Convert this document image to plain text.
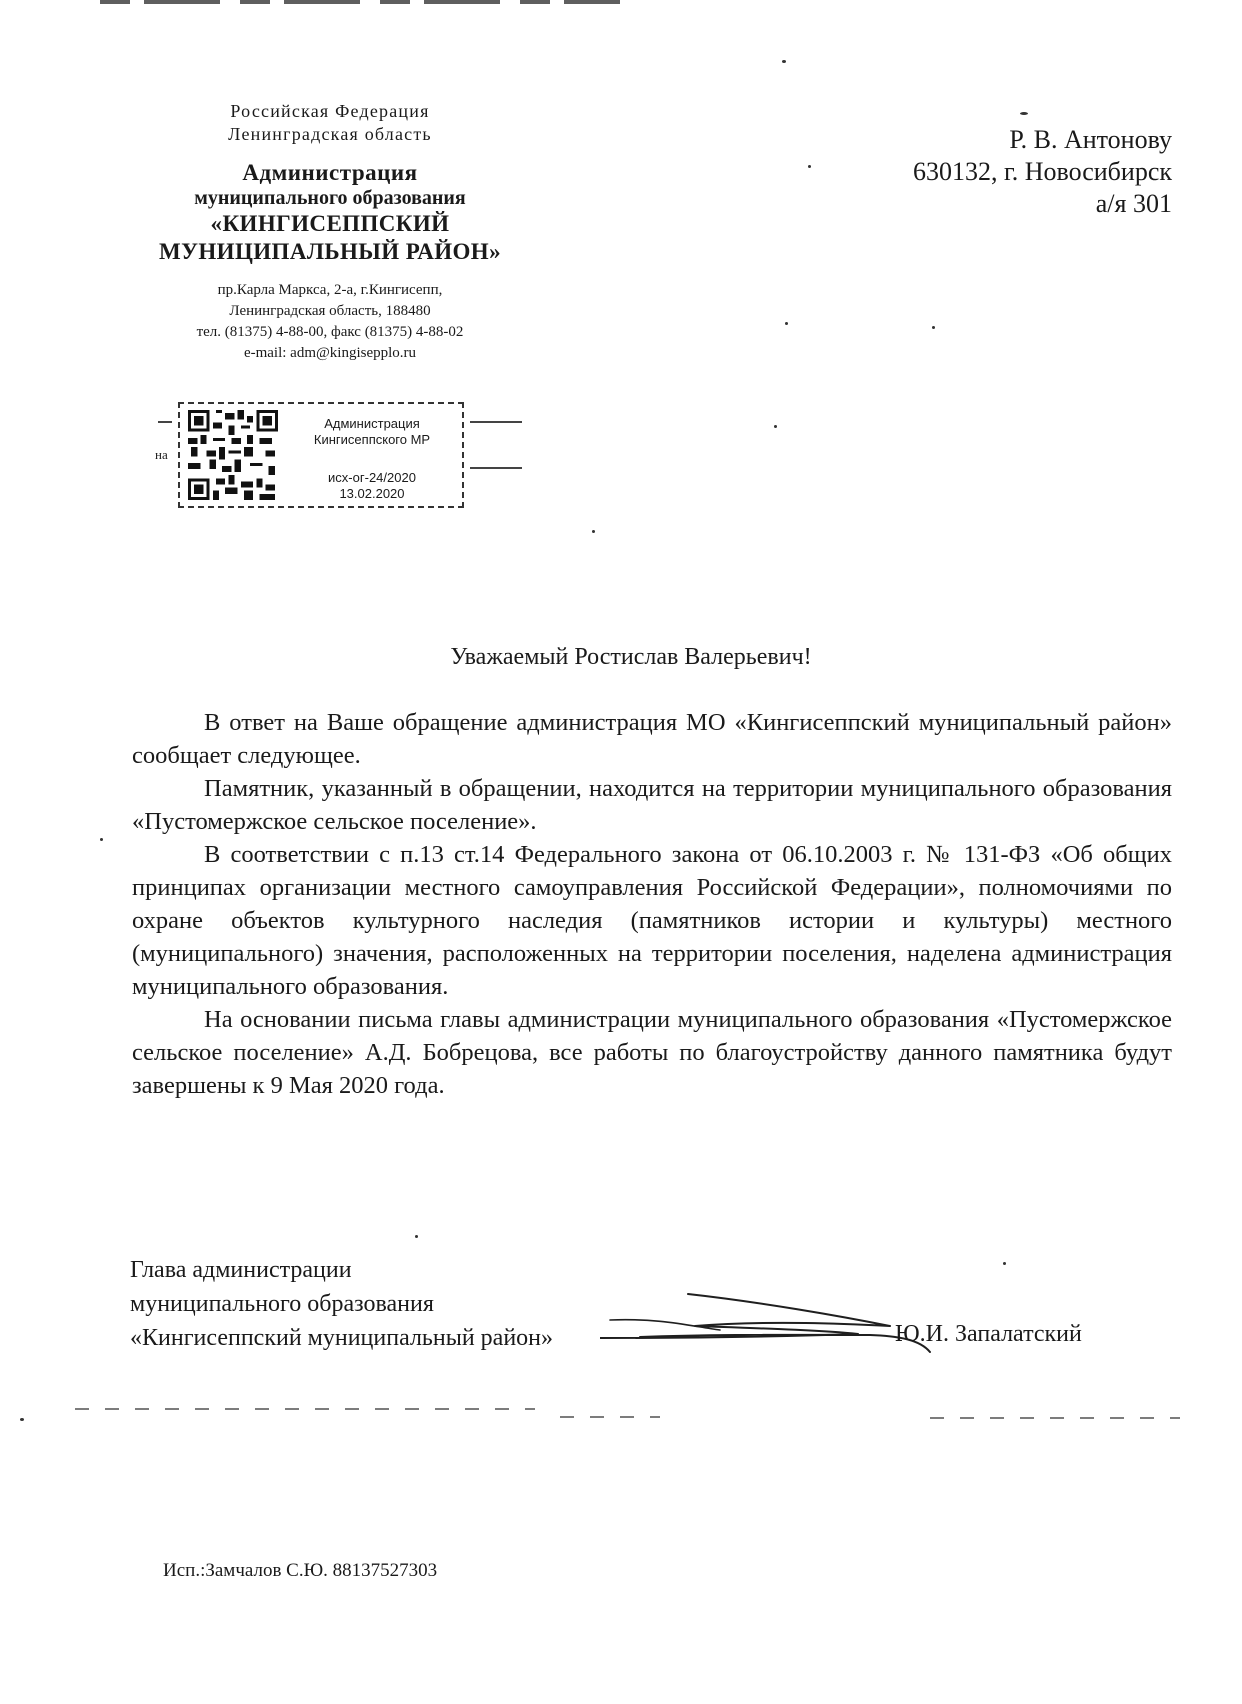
Российская Федерация
Ленинградская область
Администрация
муниципального образования
«КИНГИСЕППСКИЙ
МУНИЦИПАЛЬНЫЙ РАЙОН»
пр.Карла Маркса, 2-а, г.Кингисепп,
Ленинградская область, 188480
тел. (81375) 4-88-00, факс (81375) 4-88-02
e-mail: adm@kingisepplo.ru
на
Администрация
Кингисеппского МР
исх-ог-24/2020
13.02.2020
Р. В. Антонову
630132, г. Новосибирск
а/я 301
Уважаемый Ростислав Валерьевич!

В ответ на Ваше обращение администрация МО «Кингисеппский муниципальный район» сообщает следующее.

Памятник, указанный в обращении, находится на территории муниципального образования «Пустомержское сельское поселение».

В соответствии с п.13 ст.14 Федерального закона от 06.10.2003 г. № 131-ФЗ «Об общих принципах организации местного самоуправления Российской Федерации», полномочиями по охране объектов культурного наследия (памятников истории и культуры) местного (муниципального) значения, расположенных на территории поселения, наделена администрация муниципального образования.

На основании письма главы администрации муниципального образования «Пустомержское сельское поселение» А.Д. Бобрецова, все работы по благоустройству данного памятника будут завершены к 9 Мая 2020 года.

Глава администрации
муниципального образования
«Кингисеппский муниципальный район»	Ю.И. Запалатский
Исп.:Замчалов С.Ю. 88137527303
